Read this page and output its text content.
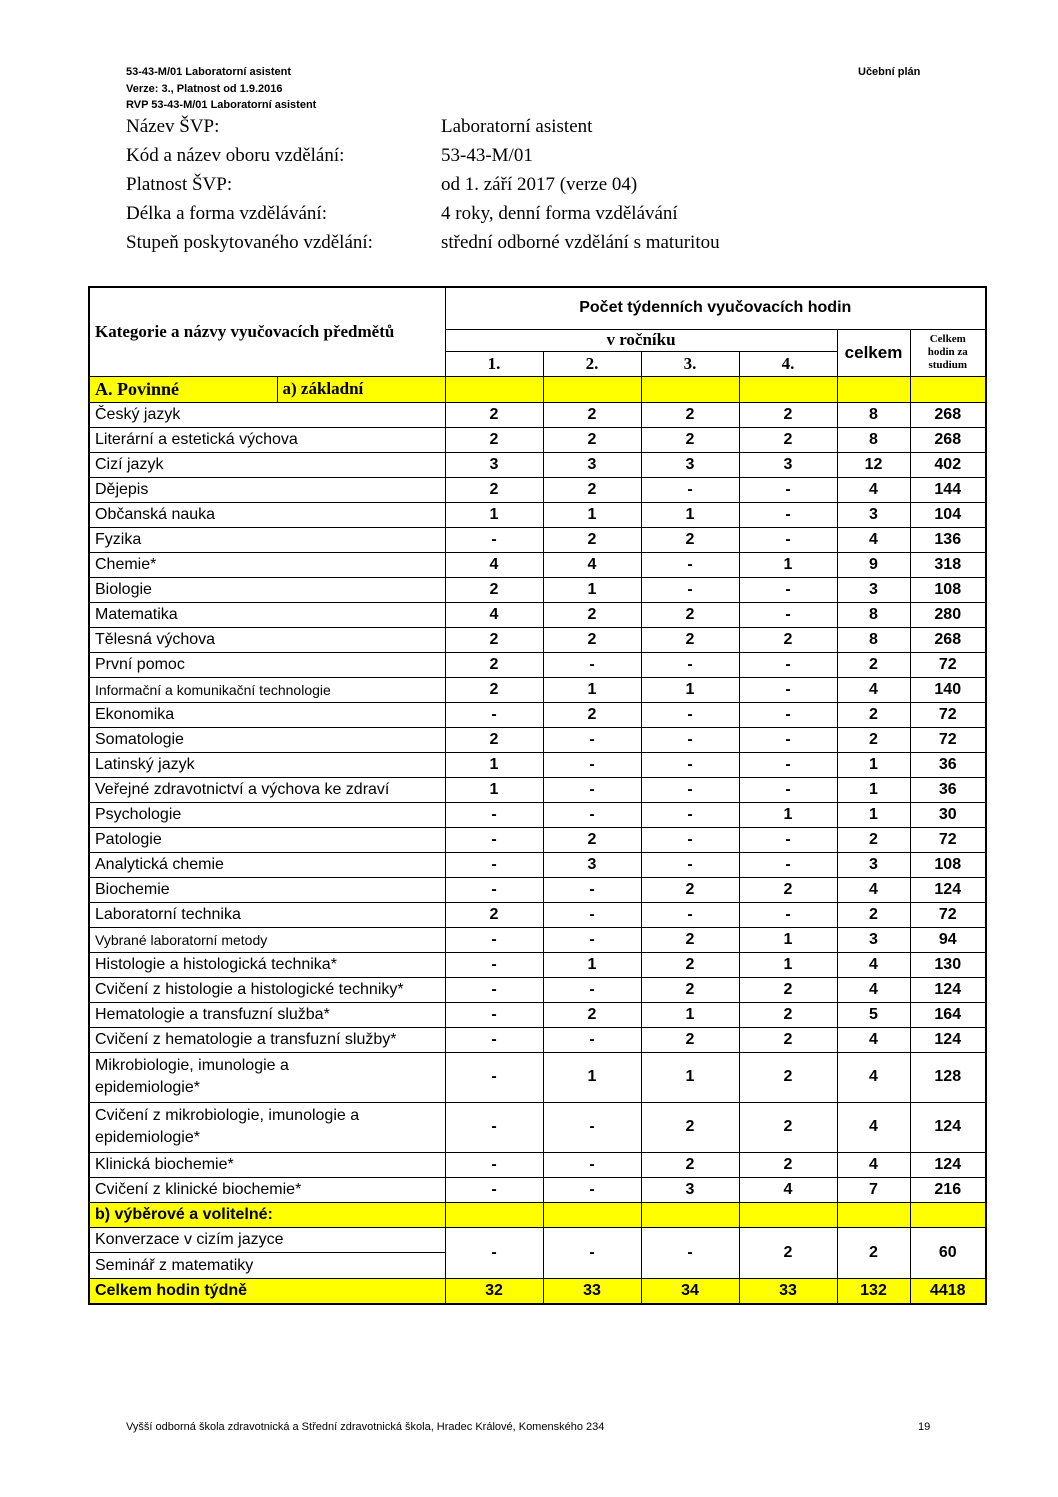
53-43-M/01 Laboratorní asistent
Verze: 3., Platnost od 1.9.2016
RVP 53-43-M/01 Laboratorní asistent
Učební plán
Název ŠVP:	Laboratorní asistent
Kód a název oboru vzdělání:	53-43-M/01
Platnost ŠVP:	od 1. září 2017 (verze 04)
Délka a forma vzdělávání:	4 roky, denní forma vzdělávání
Stupeň poskytovaného vzdělání:	střední odborné vzdělání s maturitou
Kategorie a názvy vyučovacích předmětů		Počet týdenních vyučovacích hodin					
		v ročníku				celkem	Celkem hodin za studium
		1.	2.	3.	4.		
A. Povinné	a) základní						
Český jazyk		2	2	2	2	8	268
Literární a estetická výchova		2	2	2	2	8	268
Cizí jazyk		3	3	3	3	12	402
Dějepis		2	2	-	-	4	144
Občanská nauka		1	1	1	-	3	104
Fyzika		-	2	2	-	4	136
Chemie*		4	4	-	1	9	318
Biologie		2	1	-	-	3	108
Matematika		4	2	2	-	8	280
Tělesná výchova		2	2	2	2	8	268
První pomoc		2	-	-	-	2	72
Informační a komunikační technologie		2	1	1	-	4	140
Ekonomika		-	2	-	-	2	72
Somatologie		2	-	-	-	2	72
Latinský jazyk		1	-	-	-	1	36
Veřejné zdravotnictví a výchova ke zdraví		1	-	-	-	1	36
Psychologie		-	-	-	1	1	30
Patologie		-	2	-	-	2	72
Analytická chemie		-	3	-	-	3	108
Biochemie		-	-	2	2	4	124
Laboratorní technika		2	-	-	-	2	72
Vybrané laboratorní metody		-	-	2	1	3	94
Histologie a histologická technika*		-	1	2	1	4	130
Cvičení z histologie a histologické techniky*		-	-	2	2	4	124
Hematologie a transfuzní služba*		-	2	1	2	5	164
Cvičení z hematologie a transfuzní služby*		-	-	2	2	4	124

Mikrobiologie, imunologie a
epidemiologie*		-	1	1	2	4	128

Cvičení z mikrobiologie, imunologie a
epidemiologie*		-	-	2	2	4	124
Klinická biochemie*		-	-	2	2	4	124
Cvičení z klinické biochemie*		-	-	3	4	7	216
b) výběrové a volitelné:							

Konverzace v cizím jazyce
Seminář z matematiky		-	-	-	2	2	60
Celkem hodin týdně		32	33	34	33	132	4418
Vyšší odborná škola zdravotnická a Střední zdravotnická škola, Hradec Králové, Komenského 234	19
